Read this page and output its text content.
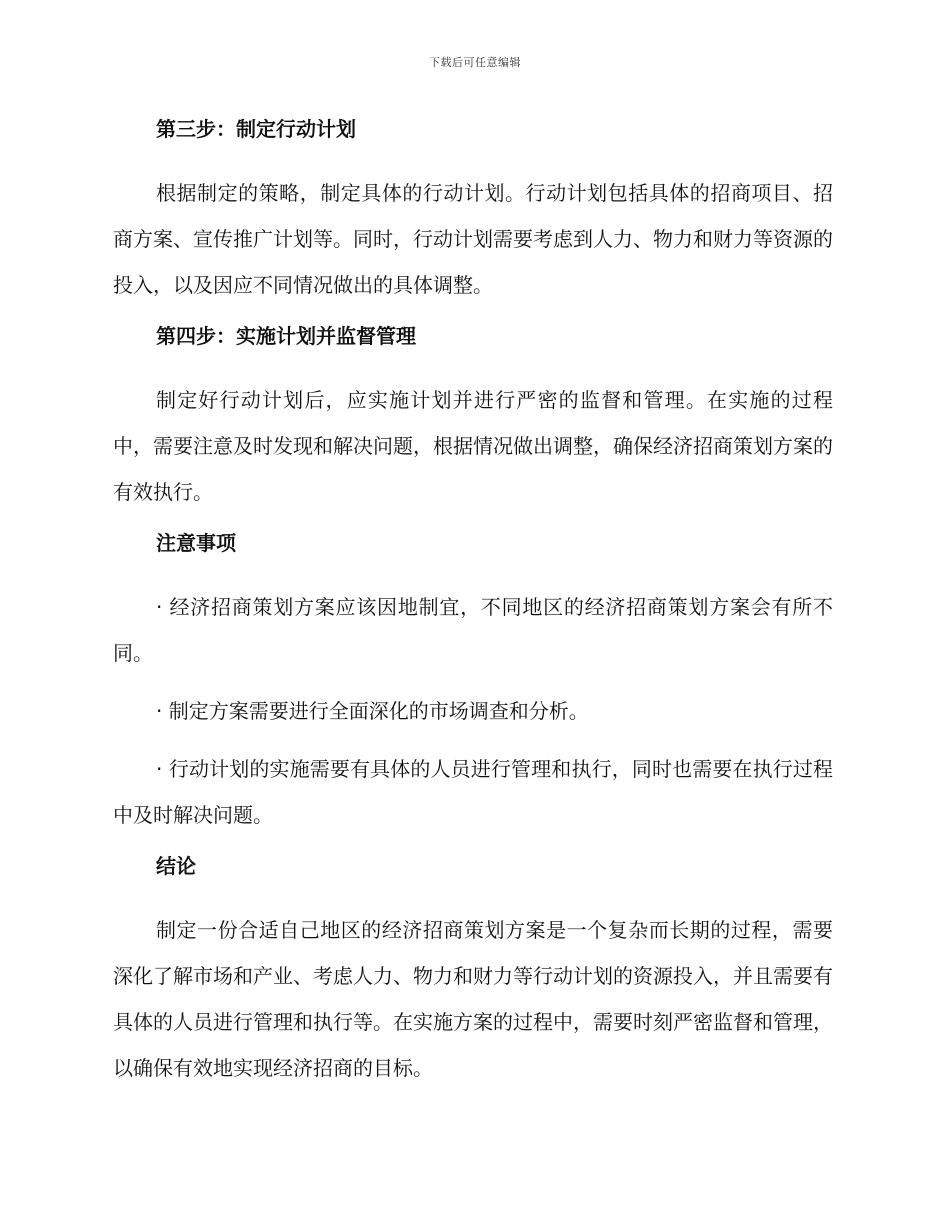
下载后可任意编辑
第三步：制定行动计划
根据制定的策略，制定具体的行动计划。行动计划包括具体的招商项目、招商方案、宣传推广计划等。同时，行动计划需要考虑到人力、物力和财力等资源的投入，以及因应不同情况做出的具体调整。
第四步：实施计划并监督管理
制定好行动计划后，应实施计划并进行严密的监督和管理。在实施的过程中，需要注意及时发现和解决问题，根据情况做出调整，确保经济招商策划方案的有效执行。
注意事项
· 经济招商策划方案应该因地制宜，不同地区的经济招商策划方案会有所不同。
· 制定方案需要进行全面深化的市场调查和分析。
· 行动计划的实施需要有具体的人员进行管理和执行，同时也需要在执行过程中及时解决问题。
结论
制定一份合适自己地区的经济招商策划方案是一个复杂而长期的过程，需要深化了解市场和产业、考虑人力、物力和财力等行动计划的资源投入，并且需要有具体的人员进行管理和执行等。在实施方案的过程中，需要时刻严密监督和管理，以确保有效地实现经济招商的目标。
